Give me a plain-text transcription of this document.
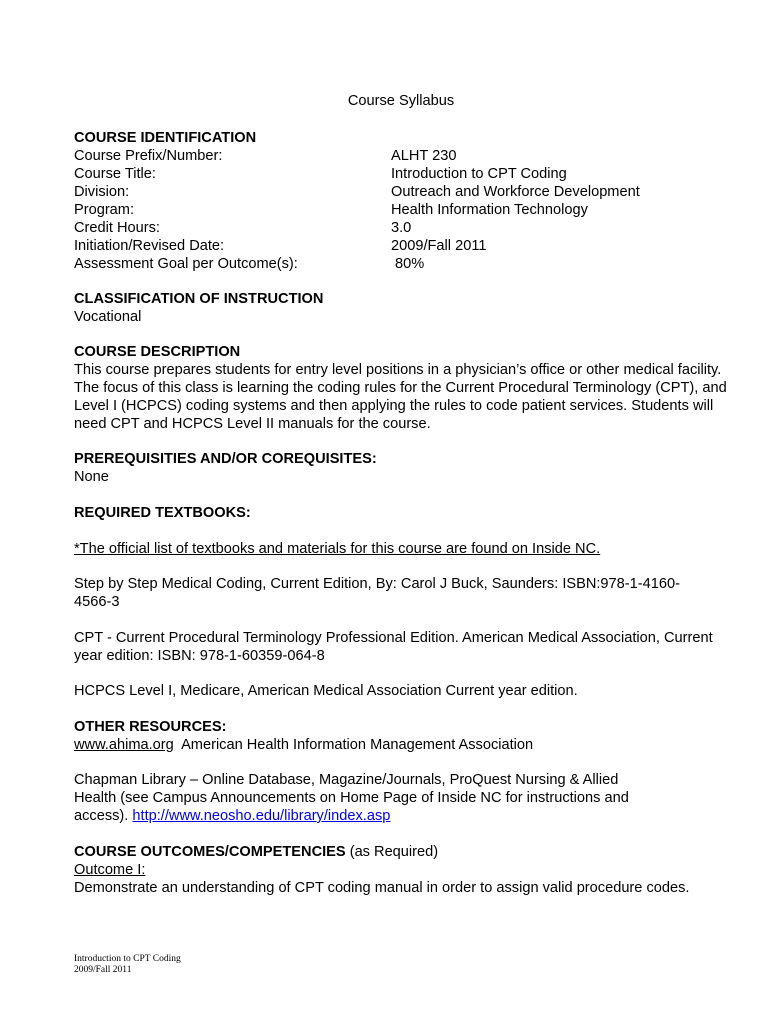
Course Syllabus
COURSE IDENTIFICATION
Course Prefix/Number:	ALHT 230
Course Title:	Introduction to CPT Coding
Division:	Outreach and Workforce Development
Program:	Health Information Technology
Credit Hours:	3.0
Initiation/Revised Date:	2009/Fall 2011
Assessment Goal per Outcome(s):	80%
CLASSIFICATION OF INSTRUCTION
Vocational
COURSE DESCRIPTION
This course prepares students for entry level positions in a physician’s office or other medical facility. The focus of this class is learning the coding rules for the Current Procedural Terminology (CPT), and Level I (HCPCS) coding systems and then applying the rules to code patient services. Students will need CPT and HCPCS Level II manuals for the course.
PREREQUISITIES AND/OR COREQUISITES:
None
REQUIRED TEXTBOOKS:
*The official list of textbooks and materials for this course are found on Inside NC.
Step by Step Medical Coding, Current Edition, By: Carol J Buck, Saunders: ISBN:978-1-4160-4566-3
CPT - Current Procedural Terminology Professional Edition. American Medical Association, Current year edition: ISBN: 978-1-60359-064-8
HCPCS Level I, Medicare, American Medical Association Current year edition.
OTHER RESOURCES:
www.ahima.org American Health Information Management Association
Chapman Library – Online Database, Magazine/Journals, ProQuest Nursing & Allied Health (see Campus Announcements on Home Page of Inside NC for instructions and access). http://www.neosho.edu/library/index.asp
COURSE OUTCOMES/COMPETENCIES (as Required)
Outcome I:
Demonstrate an understanding of CPT coding manual in order to assign valid procedure codes.
Introduction to CPT Coding
2009/Fall 2011
